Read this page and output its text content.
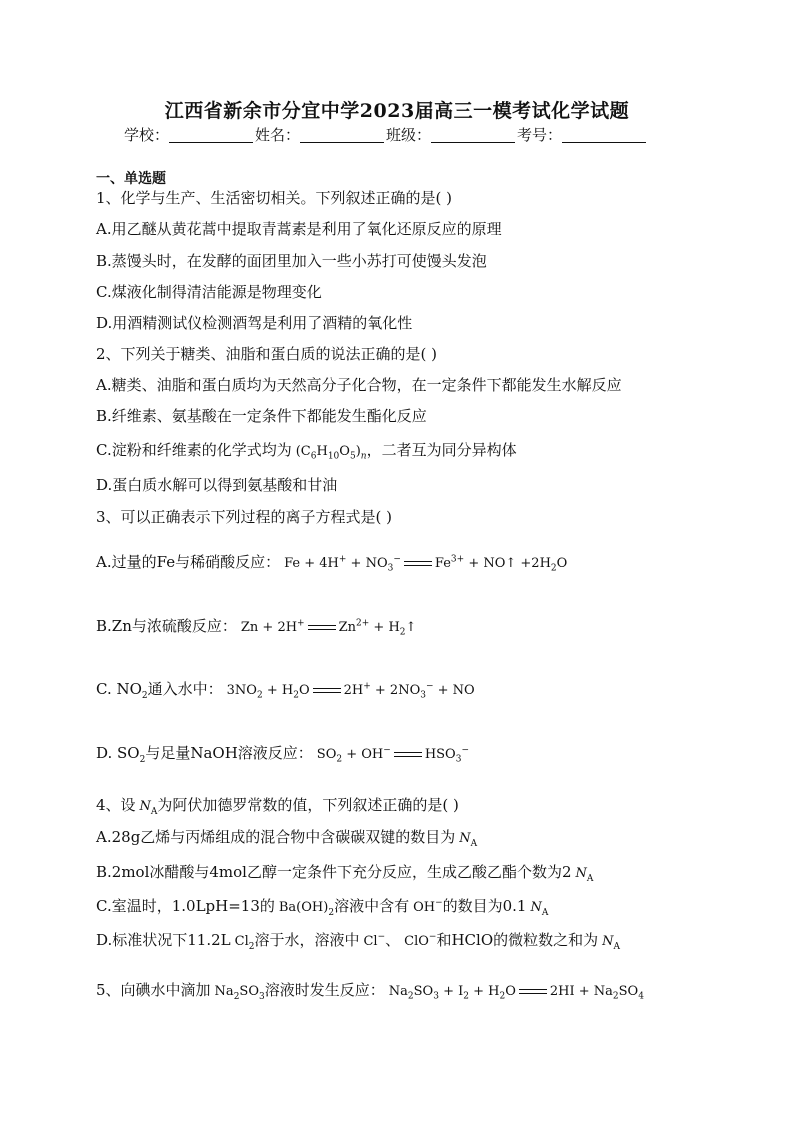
江西省新余市分宜中学2023届高三一模考试化学试题
学校：	姓名：	班级：	考号：
一、单选题
1、化学与生产、生活密切相关。下列叙述正确的是( )
A.用乙醚从黄花蒿中提取青蒿素是利用了氧化还原反应的原理
B.蒸馒头时，在发酵的面团里加入一些小苏打可使馒头发泡
C.煤液化制得清洁能源是物理变化
D.用酒精测试仪检测酒驾是利用了酒精的氧化性
2、下列关于糖类、油脂和蛋白质的说法正确的是( )
A.糖类、油脂和蛋白质均为天然高分子化合物，在一定条件下都能发生水解反应
B.纤维素、氨基酸在一定条件下都能发生酯化反应
C.淀粉和纤维素的化学式均为 $(C_6H_{10}O_5)_n$，二者互为同分异构体
D.蛋白质水解可以得到氨基酸和甘油
3、可以正确表示下列过程的离子方程式是( )
A.过量的Fe与稀硝酸反应： $Fe + 4H^+ + NO_3^-$	$Fe^{3+}$ + NO↑ $+2H_2O$
B.Zn与浓硫酸反应： Zn + 2H+	$Zn^{2+}$ + $H_2↑$
C. $NO_2$通入水中： $3NO_2 + H_2O$	$2H^+ + 2NO_3^-$ + NO
D. $SO_2$与足量NaOH溶液反应： $SO_2 + OH^-$	$HSO_3^-$
4、设 $N_A$为阿伏加德罗常数的值，下列叙述正确的是( )
A.28g乙烯与丙烯组成的混合物中含碳碳双键的数目为 $N_A$
B.2mol冰醋酸与4mol乙醇一定条件下充分反应，生成乙酸乙酯个数为2 $N_A$
C.室温时，1.0LpH=13的 $Ba(OH)_2$溶液中含有 OH−的数目为0.1 $N_A$
D.标准状况下11.2L $Cl_2$溶于水，溶液中 Cl−、 ClO−和HClO的微粒数之和为 $N_A$
5、向碘水中滴加 $Na_2SO_3$溶液时发生反应： $Na_2SO_3 + I_2 + H_2O$	$2HI + Na_2SO_4$
